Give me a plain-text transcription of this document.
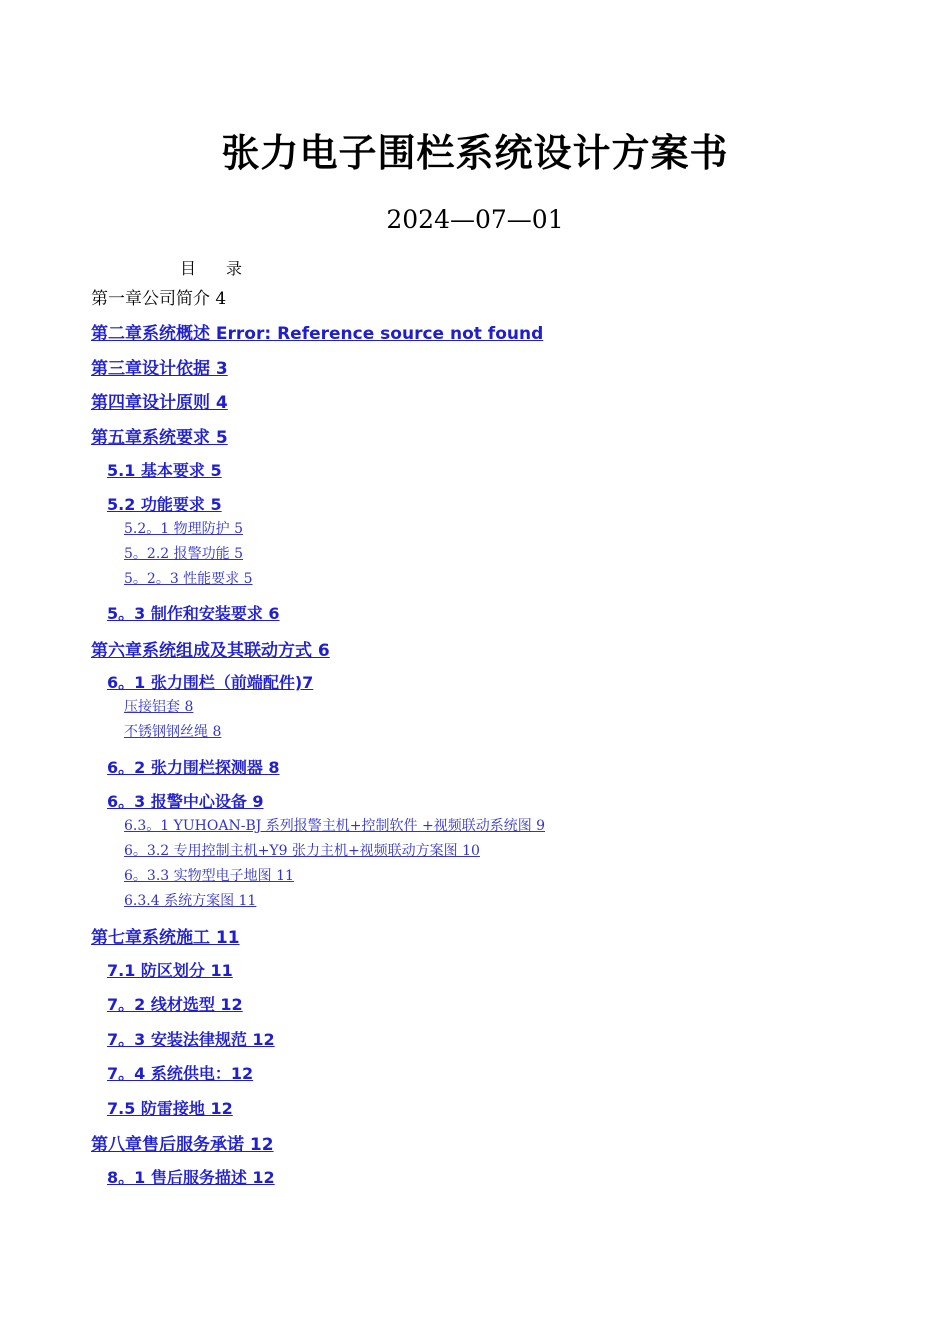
张力电子围栏系统设计方案书
2024—07—01
目 录
第一章公司简介 4
第二章系统概述 Error: Reference source not found
第三章设计依据 3
第四章设计原则 4
第五章系统要求 5
5.1 基本要求 5
5.2 功能要求 5
5.2。1 物理防护 5
5。2.2 报警功能 5
5。2。3 性能要求 5
5。3 制作和安装要求 6
第六章系统组成及其联动方式 6
6。1 张力围栏（前端配件)7
压接铝套 8
不锈钢钢丝绳 8
6。2 张力围栏探测器 8
6。3 报警中心设备 9
6.3。1 YUHOAN-BJ 系列报警主机+控制软件 +视频联动系统图 9
6。3.2 专用控制主机+Y9 张力主机+视频联动方案图 10
6。3.3 实物型电子地图 11
6.3.4 系统方案图 11
第七章系统施工 11
7.1 防区划分 11
7。2 线材选型 12
7。3 安装法律规范 12
7。4 系统供电：12
7.5 防雷接地 12
第八章售后服务承诺 12
8。1 售后服务描述 12
